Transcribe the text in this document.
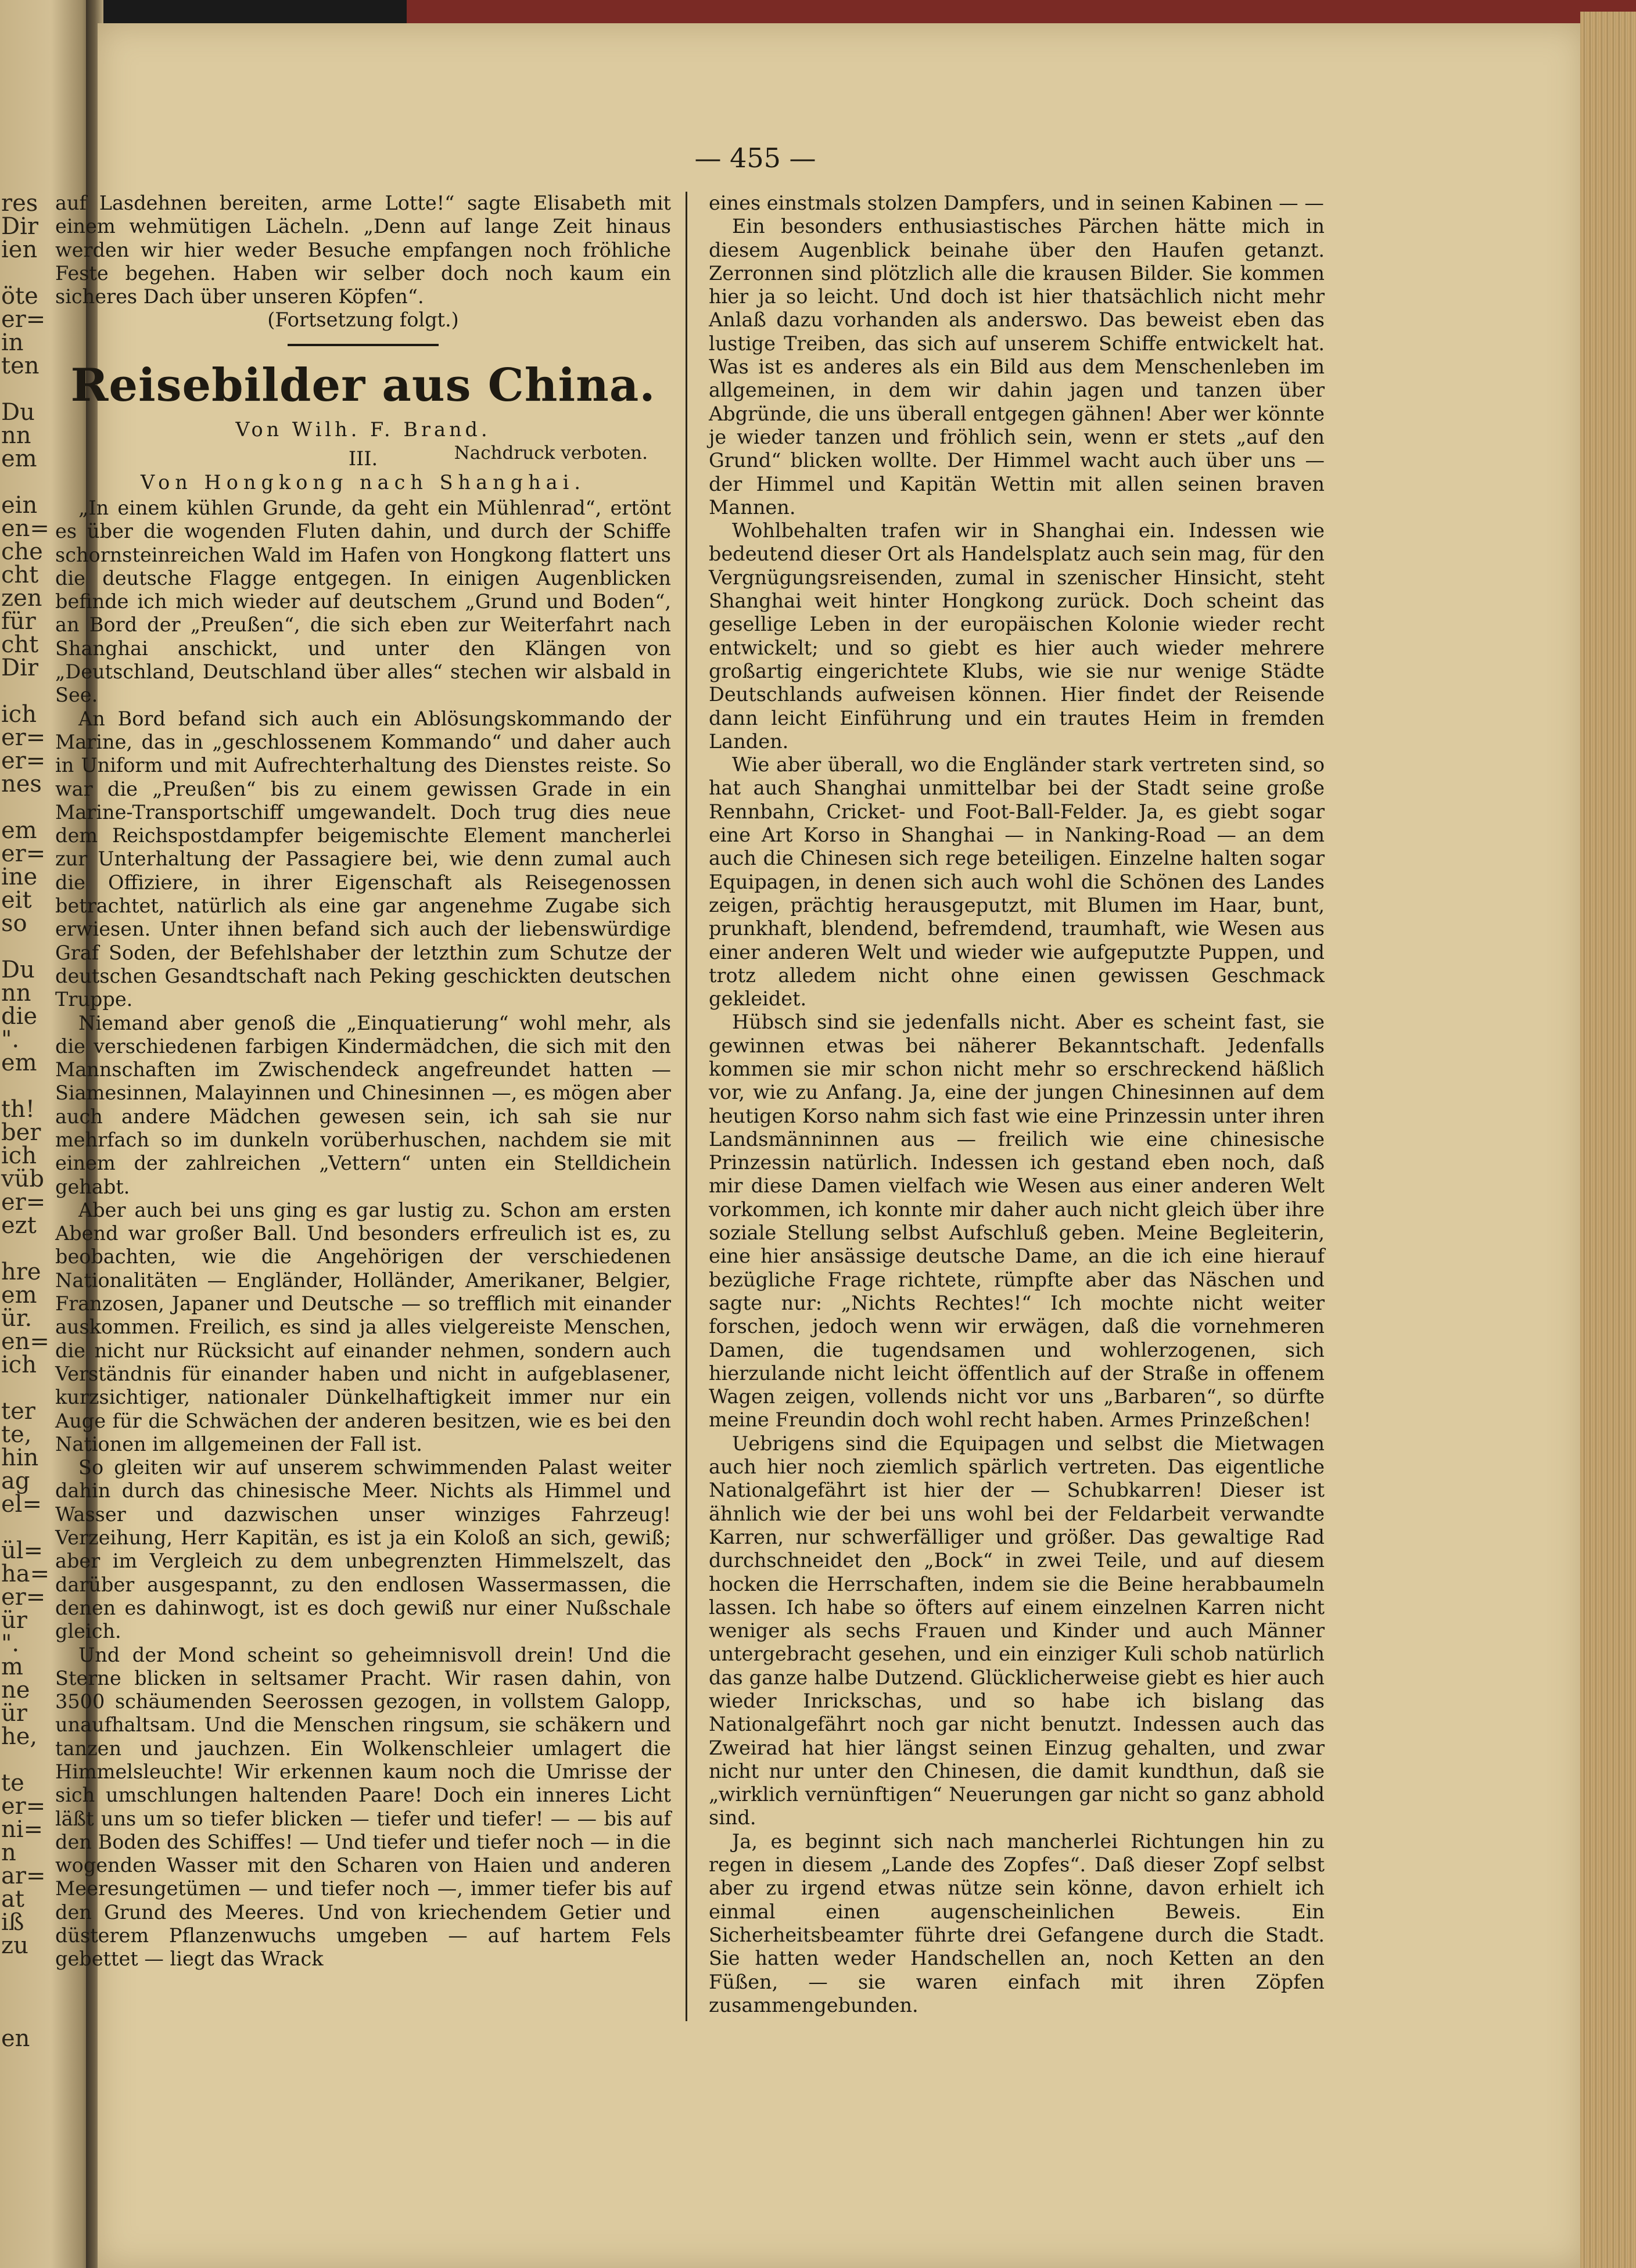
res
Dir
ien
öte
er=
in
ten
Du
nn
em
ein
en=
che
cht
zen
für
cht
Dir
ich
er=
er=
nes
em
er=
ine
eit
so
Du
nn
die
".
em
th!
ber
ich
vüb
er=
ezt
hre
em
ür.
en=
ich
ter
te,
hin
ag
el=
ül=
ha=
er=
ür
".
m
ne
ür
he,
te
er=
ni=
n
ar=
at
iß
zu
en
— 455 —

auf Lasdehnen bereiten, arme Lotte!“ sagte Elisabeth mit einem wehmütigen Lächeln. „Denn auf lange Zeit hinaus werden wir hier weder Besuche empfangen noch fröhliche Feste begehen. Haben wir selber doch noch kaum ein sicheres Dach über unseren Köpfen“.

(Fortsetzung folgt.)

Reisebilder aus China.
Von Wilh. F. Brand.
Nachdruck verboten.
III.
Von Hongkong nach Shanghai.

„In einem kühlen Grunde, da geht ein Mühlenrad“, ertönt es über die wogenden Fluten dahin, und durch der Schiffe schornsteinreichen Wald im Hafen von Hongkong flattert uns die deutsche Flagge entgegen. In einigen Augenblicken befinde ich mich wieder auf deutschem „Grund und Boden“, an Bord der „Preußen“, die sich eben zur Weiterfahrt nach Shanghai anschickt, und unter den Klängen von „Deutschland, Deutschland über alles“ stechen wir alsbald in See.

An Bord befand sich auch ein Ablösungskommando der Marine, das in „geschlossenem Kommando“ und daher auch in Uniform und mit Aufrechterhaltung des Dienstes reiste. So war die „Preußen“ bis zu einem gewissen Grade in ein Marine-Transportschiff umgewandelt. Doch trug dies neue dem Reichspostdampfer beigemischte Element mancherlei zur Unterhaltung der Passagiere bei, wie denn zumal auch die Offiziere, in ihrer Eigenschaft als Reisegenossen betrachtet, natürlich als eine gar angenehme Zugabe sich erwiesen. Unter ihnen befand sich auch der liebenswürdige Graf Soden, der Befehlshaber der letzthin zum Schutze der deutschen Gesandtschaft nach Peking geschickten deutschen Truppe.

Niemand aber genoß die „Einquatierung“ wohl mehr, als die verschiedenen farbigen Kindermädchen, die sich mit den Mannschaften im Zwischendeck angefreundet hatten — Siamesinnen, Malayinnen und Chinesinnen —, es mögen aber auch andere Mädchen gewesen sein, ich sah sie nur mehrfach so im dunkeln vorüberhuschen, nachdem sie mit einem der zahlreichen „Vettern“ unten ein Stelldichein gehabt.

Aber auch bei uns ging es gar lustig zu. Schon am ersten Abend war großer Ball. Und besonders erfreulich ist es, zu beobachten, wie die Angehörigen der verschiedenen Nationalitäten — Engländer, Holländer, Amerikaner, Belgier, Franzosen, Japaner und Deutsche — so trefflich mit einander auskommen. Freilich, es sind ja alles vielgereiste Menschen, die nicht nur Rücksicht auf einander nehmen, sondern auch Verständnis für einander haben und nicht in aufgeblasener, kurzsichtiger, nationaler Dünkelhaftigkeit immer nur ein Auge für die Schwächen der anderen besitzen, wie es bei den Nationen im allgemeinen der Fall ist.

So gleiten wir auf unserem schwimmenden Palast weiter dahin durch das chinesische Meer. Nichts als Himmel und Wasser und dazwischen unser winziges Fahrzeug! Verzeihung, Herr Kapitän, es ist ja ein Koloß an sich, gewiß; aber im Vergleich zu dem unbegrenzten Himmelszelt, das darüber ausgespannt, zu den endlosen Wassermassen, die denen es dahinwogt, ist es doch gewiß nur einer Nußschale gleich.

Und der Mond scheint so geheimnisvoll drein! Und die Sterne blicken in seltsamer Pracht. Wir rasen dahin, von 3500 schäumenden Seerossen gezogen, in vollstem Galopp, unaufhaltsam. Und die Menschen ringsum, sie schäkern und tanzen und jauchzen. Ein Wolkenschleier umlagert die Himmelsleuchte! Wir erkennen kaum noch die Umrisse der sich umschlungen haltenden Paare! Doch ein inneres Licht läßt uns um so tiefer blicken — tiefer und tiefer! — — bis auf den Boden des Schiffes! — Und tiefer und tiefer noch — in die wogenden Wasser mit den Scharen von Haien und anderen Meeresungetümen — und tiefer noch —, immer tiefer bis auf den Grund des Meeres. Und von kriechendem Getier und düsterem Pflanzenwuchs umgeben — auf hartem Fels gebettet — liegt das Wrack

eines einstmals stolzen Dampfers, und in seinen Kabinen — —

Ein besonders enthusiastisches Pärchen hätte mich in diesem Augenblick beinahe über den Haufen getanzt. Zerronnen sind plötzlich alle die krausen Bilder. Sie kommen hier ja so leicht. Und doch ist hier thatsächlich nicht mehr Anlaß dazu vorhanden als anderswo. Das beweist eben das lustige Treiben, das sich auf unserem Schiffe entwickelt hat. Was ist es anderes als ein Bild aus dem Menschenleben im allgemeinen, in dem wir dahin jagen und tanzen über Abgründe, die uns überall entgegen gähnen! Aber wer könnte je wieder tanzen und fröhlich sein, wenn er stets „auf den Grund“ blicken wollte. Der Himmel wacht auch über uns — der Himmel und Kapitän Wettin mit allen seinen braven Mannen.

Wohlbehalten trafen wir in Shanghai ein. Indessen wie bedeutend dieser Ort als Handelsplatz auch sein mag, für den Vergnügungsreisenden, zumal in szenischer Hinsicht, steht Shanghai weit hinter Hongkong zurück. Doch scheint das gesellige Leben in der europäischen Kolonie wieder recht entwickelt; und so giebt es hier auch wieder mehrere großartig eingerichtete Klubs, wie sie nur wenige Städte Deutschlands aufweisen können. Hier findet der Reisende dann leicht Einführung und ein trautes Heim in fremden Landen.

Wie aber überall, wo die Engländer stark vertreten sind, so hat auch Shanghai unmittelbar bei der Stadt seine große Rennbahn, Cricket- und Foot-Ball-Felder. Ja, es giebt sogar eine Art Korso in Shanghai — in Nanking-Road — an dem auch die Chinesen sich rege beteiligen. Einzelne halten sogar Equipagen, in denen sich auch wohl die Schönen des Landes zeigen, prächtig herausgeputzt, mit Blumen im Haar, bunt, prunkhaft, blendend, befremdend, traumhaft, wie Wesen aus einer anderen Welt und wieder wie aufgeputzte Puppen, und trotz alledem nicht ohne einen gewissen Geschmack gekleidet.

Hübsch sind sie jedenfalls nicht. Aber es scheint fast, sie gewinnen etwas bei näherer Bekanntschaft. Jedenfalls kommen sie mir schon nicht mehr so erschreckend häßlich vor, wie zu Anfang. Ja, eine der jungen Chinesinnen auf dem heutigen Korso nahm sich fast wie eine Prinzessin unter ihren Landsmänninnen aus — freilich wie eine chinesische Prinzessin natürlich. Indessen ich gestand eben noch, daß mir diese Damen vielfach wie Wesen aus einer anderen Welt vorkommen, ich konnte mir daher auch nicht gleich über ihre soziale Stellung selbst Aufschluß geben. Meine Begleiterin, eine hier ansässige deutsche Dame, an die ich eine hierauf bezügliche Frage richtete, rümpfte aber das Näschen und sagte nur: „Nichts Rechtes!“ Ich mochte nicht weiter forschen, jedoch wenn wir erwägen, daß die vornehmeren Damen, die tugendsamen und wohlerzogenen, sich hierzulande nicht leicht öffentlich auf der Straße in offenem Wagen zeigen, vollends nicht vor uns „Barbaren“, so dürfte meine Freundin doch wohl recht haben. Armes Prinzeßchen!

Uebrigens sind die Equipagen und selbst die Mietwagen auch hier noch ziemlich spärlich vertreten. Das eigentliche Nationalgefährt ist hier der — Schubkarren! Dieser ist ähnlich wie der bei uns wohl bei der Feldarbeit verwandte Karren, nur schwerfälliger und größer. Das gewaltige Rad durchschneidet den „Bock“ in zwei Teile, und auf diesem hocken die Herrschaften, indem sie die Beine herabbaumeln lassen. Ich habe so öfters auf einem einzelnen Karren nicht weniger als sechs Frauen und Kinder und auch Männer untergebracht gesehen, und ein einziger Kuli schob natürlich das ganze halbe Dutzend. Glücklicherweise giebt es hier auch wieder Inrickschas, und so habe ich bislang das Nationalgefährt noch gar nicht benutzt. Indessen auch das Zweirad hat hier längst seinen Einzug gehalten, und zwar nicht nur unter den Chinesen, die damit kundthun, daß sie „wirklich vernünftigen“ Neuerungen gar nicht so ganz abhold sind.

Ja, es beginnt sich nach mancherlei Richtungen hin zu regen in diesem „Lande des Zopfes“. Daß dieser Zopf selbst aber zu irgend etwas nütze sein könne, davon erhielt ich einmal einen augenscheinlichen Beweis. Ein Sicherheitsbeamter führte drei Gefangene durch die Stadt. Sie hatten weder Handschellen an, noch Ketten an den Füßen, — sie waren einfach mit ihren Zöpfen zusammengebunden.
